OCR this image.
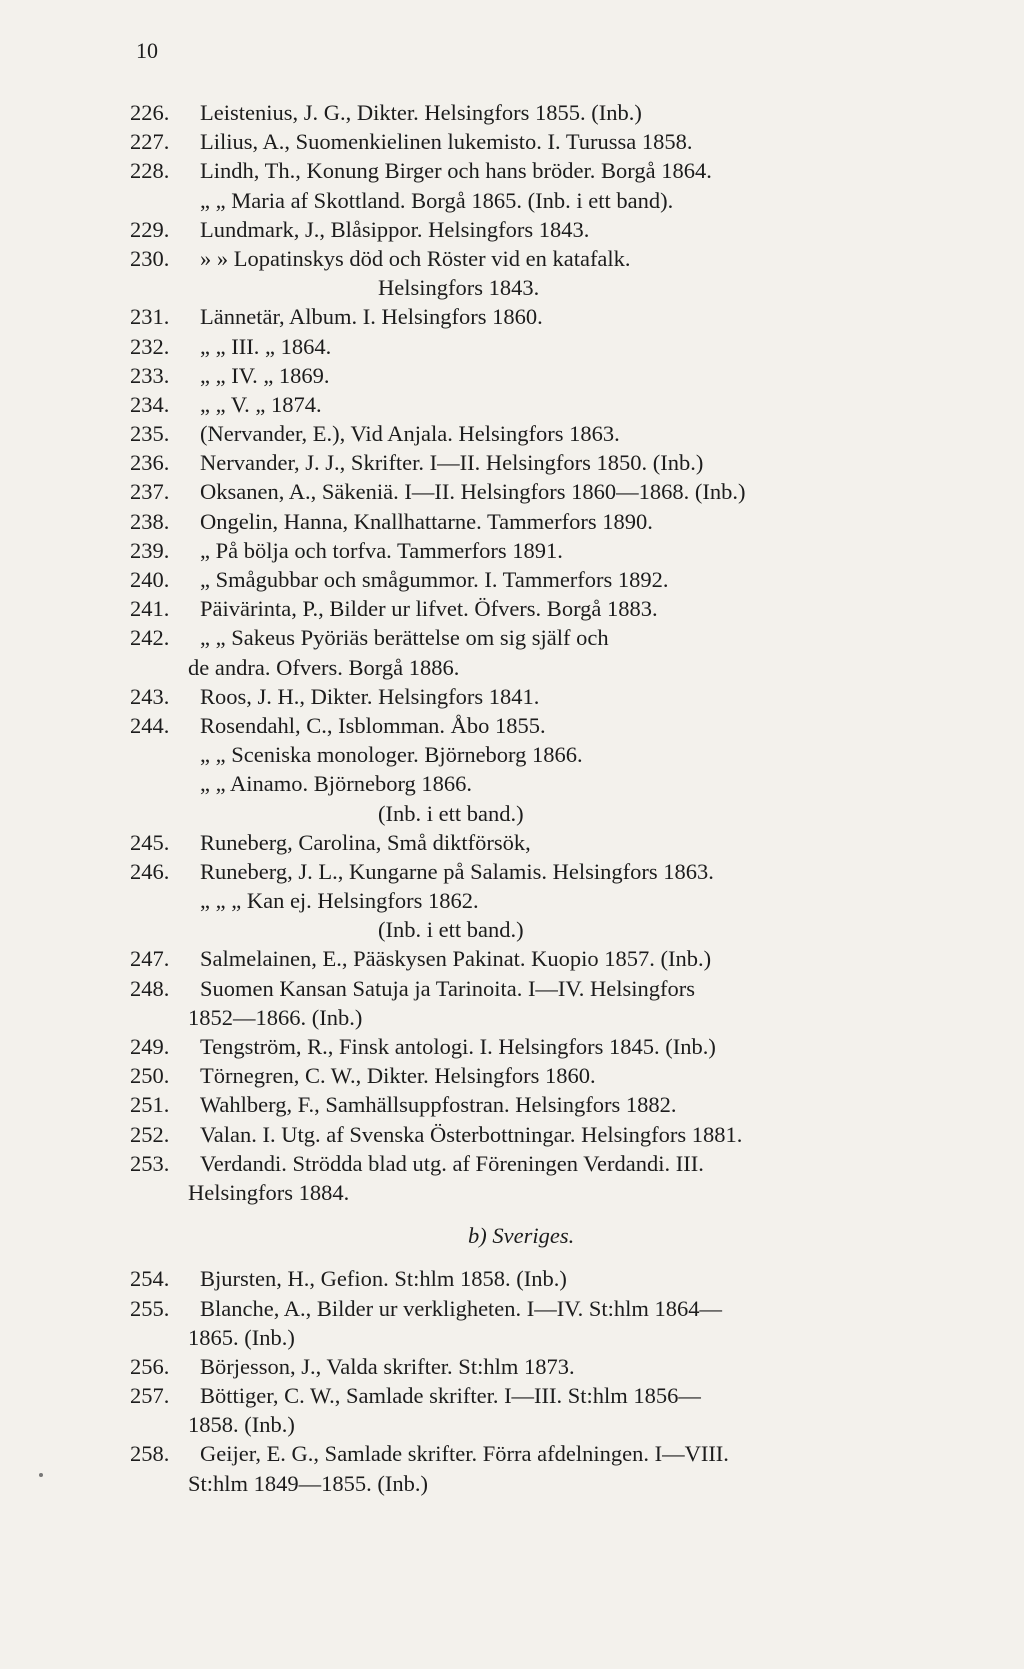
10
226. Leistenius, J. G., Dikter. Helsingfors 1855. (Inb.)
227. Lilius, A., Suomenkielinen lukemisto. I. Turussa 1858.
228. Lindh, Th., Konung Birger och hans bröder. Borgå 1864.
„ „ Maria af Skottland. Borgå 1865. (Inb. i ett band).
229. Lundmark, J., Blåsippor. Helsingfors 1843.
230. » » Lopatinskys död och Röster vid en katafalk.
Helsingfors 1843.
231. Lännetär, Album. I. Helsingfors 1860.
232. „ „ III. „ 1864.
233. „ „ IV. „ 1869.
234. „ „ V. „ 1874.
235. (Nervander, E.), Vid Anjala. Helsingfors 1863.
236. Nervander, J. J., Skrifter. I—II. Helsingfors 1850. (Inb.)
237. Oksanen, A., Säkeniä. I—II. Helsingfors 1860—1868. (Inb.)
238. Ongelin, Hanna, Knallhattarne. Tammerfors 1890.
239. „ På bölja och torfva. Tammerfors 1891.
240. „ Smågubbar och smågummor. I. Tammerfors 1892.
241. Päivärinta, P., Bilder ur lifvet. Öfvers. Borgå 1883.
242. „ „ Sakeus Pyöriäs berättelse om sig själf och
de andra. Ofvers. Borgå 1886.
243. Roos, J. H., Dikter. Helsingfors 1841.
244. Rosendahl, C., Isblomman. Åbo 1855.
„ „ Sceniska monologer. Björneborg 1866.
„ „ Ainamo. Björneborg 1866.
(Inb. i ett band.)
245. Runeberg, Carolina, Små diktförsök,
246. Runeberg, J. L., Kungarne på Salamis. Helsingfors 1863.
„ „ „ Kan ej. Helsingfors 1862.
(Inb. i ett band.)
247. Salmelainen, E., Pääskysen Pakinat. Kuopio 1857. (Inb.)
248. Suomen Kansan Satuja ja Tarinoita. I—IV. Helsingfors
1852—1866. (Inb.)
249. Tengström, R., Finsk antologi. I. Helsingfors 1845. (Inb.)
250. Törnegren, C. W., Dikter. Helsingfors 1860.
251. Wahlberg, F., Samhällsuppfostran. Helsingfors 1882.
252. Valan. I. Utg. af Svenska Österbottningar. Helsingfors 1881.
253. Verdandi. Strödda blad utg. af Föreningen Verdandi. III.
Helsingfors 1884.
b) Sveriges.
254. Bjursten, H., Gefion. St:hlm 1858. (Inb.)
255. Blanche, A., Bilder ur verkligheten. I—IV. St:hlm 1864—
1865. (Inb.)
256. Börjesson, J., Valda skrifter. St:hlm 1873.
257. Böttiger, C. W., Samlade skrifter. I—III. St:hlm 1856—
1858. (Inb.)
258. Geijer, E. G., Samlade skrifter. Förra afdelningen. I—VIII.
St:hlm 1849—1855. (Inb.)
